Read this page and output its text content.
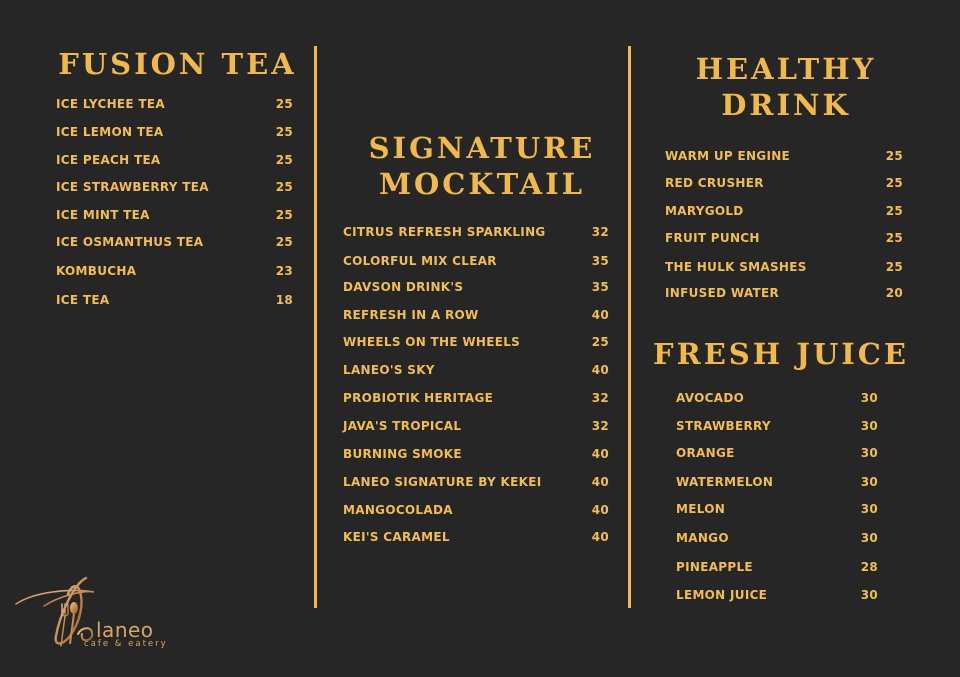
FUSION TEA
ICE LYCHEE TEA	25
ICE LEMON TEA	25
ICE PEACH TEA	25
ICE STRAWBERRY TEA	25
ICE MINT TEA	25
ICE OSMANTHUS TEA	25
KOMBUCHA	23
ICE TEA	18
SIGNATURE
MOCKTAIL
CITRUS REFRESH SPARKLING	32
COLORFUL MIX CLEAR	35
DAVSON DRINK'S	35
REFRESH IN A ROW	40
WHEELS ON THE WHEELS	25
LANEO'S SKY	40
PROBIOTIK HERITAGE	32
JAVA'S TROPICAL	32
BURNING SMOKE	40
LANEO SIGNATURE BY KEKEI	40
MANGOCOLADA	40
KEI'S CARAMEL	40
HEALTHY
DRINK
WARM UP ENGINE	25
RED CRUSHER	25
MARYGOLD	25
FRUIT PUNCH	25
THE HULK SMASHES	25
INFUSED WATER	20
FRESH JUICE
AVOCADO	30
STRAWBERRY	30
ORANGE	30
WATERMELON	30
MELON	30
MANGO	30
PINEAPPLE	28
LEMON JUICE	30
laneo
cafe & eatery
